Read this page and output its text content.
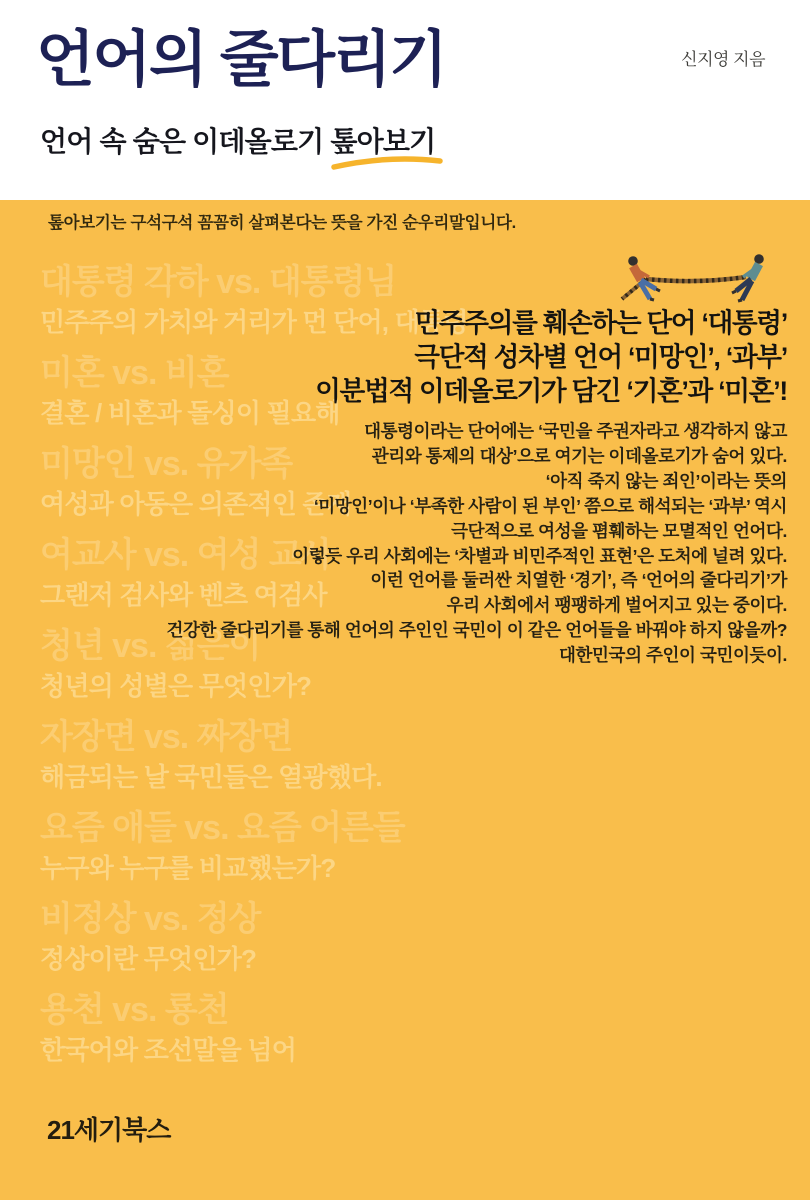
언어의 줄다리기	신지영 지음
언어 속 숨은 이데올로기 톺아보기
톺아보기는 구석구석 꼼꼼히 살펴본다는 뜻을 가진 순우리말입니다.
대통령 각하 vs. 대통령님
민주주의 가치와 거리가 먼 단어, 대통령
미혼 vs. 비혼
결혼 / 비혼과 돌싱이 필요해
미망인 vs. 유가족
여성과 아동은 의존적인 존재
여교사 vs. 여성 교사
그랜저 검사와 벤츠 여검사
청년 vs. 젊은이
청년의 성별은 무엇인가?
자장면 vs. 짜장면
해금되는 날 국민들은 열광했다.
요즘 애들 vs. 요즘 어른들
누구와 누구를 비교했는가?
비정상 vs. 정상
정상이란 무엇인가?
용천 vs. 룡천
한국어와 조선말을 넘어
민주주의를 훼손하는 단어 ‘대통령’
극단적 성차별 언어 ‘미망인’, ‘과부’
이분법적 이데올로기가 담긴 ‘기혼’과 ‘미혼’!
대통령이라는 단어에는 ‘국민을 주권자라고 생각하지 않고
관리와 통제의 대상’으로 여기는 이데올로기가 숨어 있다.
‘아직 죽지 않는 죄인’이라는 뜻의
‘미망인’이나 ‘부족한 사람이 된 부인’ 쯤으로 해석되는 ‘과부’ 역시
극단적으로 여성을 폄훼하는 모멸적인 언어다.
이렇듯 우리 사회에는 ‘차별과 비민주적인 표현’은 도처에 널려 있다.
이런 언어를 둘러싼 치열한 ‘경기’, 즉 ‘언어의 줄다리기’가
우리 사회에서 팽팽하게 벌어지고 있는 중이다.
건강한 줄다리기를 통해 언어의 주인인 국민이 이 같은 언어들을 바꿔야 하지 않을까?
대한민국의 주인이 국민이듯이.
21세기북스
